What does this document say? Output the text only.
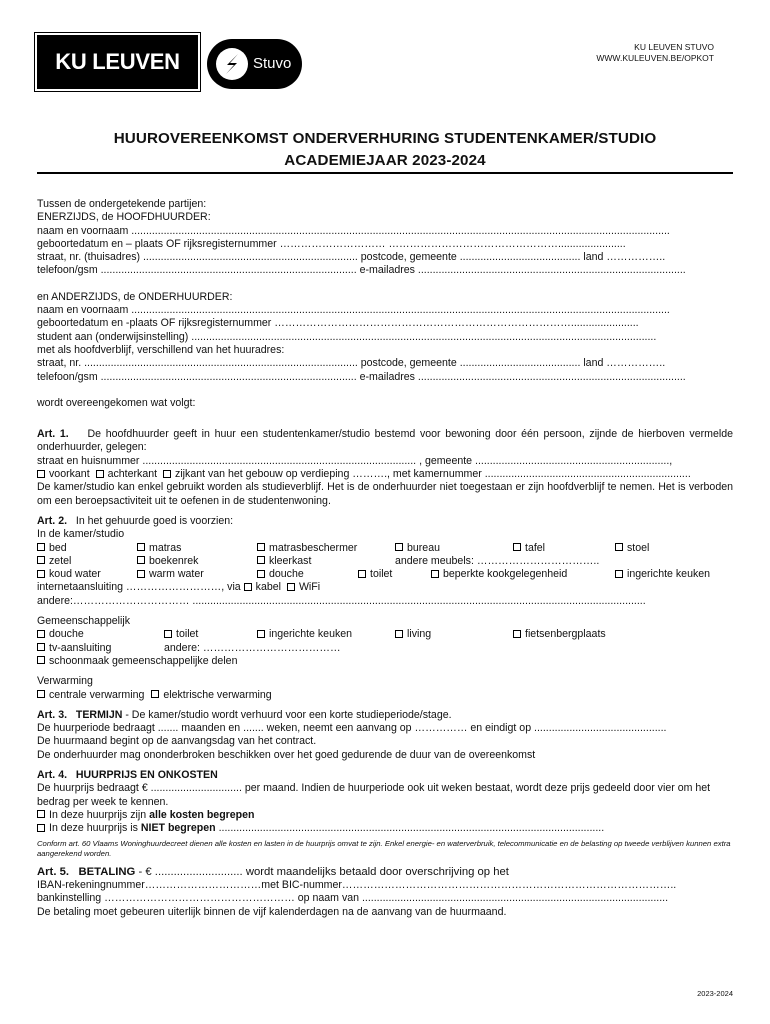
KU LEUVEN	Stuvo
KU LEUVEN STUVO
WWW.KULEUVEN.BE/OPKOT
HUUROVEREENKOMST ONDERVERHURING STUDENTENKAMER/STUDIO
ACADEMIEJAAR 2023-2024
Tussen de ondergetekende partijen:
ENERZIJDS, de HOOFDHUURDER:
naam en voornaam .......................................................................................................................................................................................
geboortedatum en – plaats OF rijksregisternummer ………………………… ………………………………………….......................
straat, nr. (thuisadres) ......................................................................... postcode, gemeente ......................................... land ……………..
telefoon/gsm ....................................................................................... e-mailadres ...........................................................................................
en ANDERZIJDS, de ONDERHUURDER:
naam en voornaam .......................................................................................................................................................................................
geboortedatum en -plaats OF rijksregisternummer ………………………………………………………………………….......................
student aan (onderwijsinstelling) ..............................................................................................................................................................
met als hoofdverblijf, verschillend van het huuradres:
straat, nr. ............................................................................................. postcode, gemeente ......................................... land ……………..
telefoon/gsm ....................................................................................... e-mailadres ...........................................................................................
wordt overeengekomen wat volgt:
Art. 1. De hoofdhuurder geeft in huur een studentenkamer/studio bestemd voor bewoning door één persoon, zijnde de hierboven vermelde onderhuurder, gelegen:
straat en huisnummer ............................................................................................. , gemeente ..................................................................,
voorkant achterkant zijkant van het gebouw op verdieping ………., met kamernummer ......................................................................
De kamer/studio kan enkel gebruikt worden als studieverblijf. Het is de onderhuurder niet toegestaan er zijn hoofdverblijf te nemen. Het is verboden om een beroepsactiviteit uit te oefenen in de studentenwoning.
Art. 2. In het gehuurde goed is voorzien:
In de kamer/studio
bed	matras	matrasbeschermer	bureau	tafel	stoel
zetel	boekenrek	kleerkast	andere meubels: ……………………………..
koud water	warm water	douche	toilet	beperkte kookgelegenheid	ingerichte keuken
internetaansluiting ………………………, via kabel WiFi
andere:…………………………… ..........................................................................................................................................................
Gemeenschappelijk
douche	toilet	ingerichte keuken	living	fietsenbergplaats
tv-aansluiting	andere: …………………………………
schoonmaak gemeenschappelijke delen
Verwarming
centrale verwarming elektrische verwarming
Art. 3. TERMIJN - De kamer/studio wordt verhuurd voor een korte studieperiode/stage.
De huurperiode bedraagt ....... maanden en ....... weken, neemt een aanvang op …………… en eindigt op .............................................
De huurmaand begint op de aanvangsdag van het contract.
De onderhuurder mag ononderbroken beschikken over het goed gedurende de duur van de overeenkomst
Art. 4. HUURPRIJS EN ONKOSTEN
De huurprijs bedraagt € ............................... per maand. Indien de huurperiode ook uit weken bestaat, wordt deze prijs gedeeld door vier om het bedrag per week te kennen.
In deze huurprijs zijn alle kosten begrepen
In deze huurprijs is NIET begrepen ...................................................................................................................................
Conform art. 60 Vlaams Woninghuurdecreet dienen alle kosten en lasten in de huurprijs omvat te zijn. Enkel energie- en waterverbruik, telecommunicatie en de belasting op tweede verblijven kunnen extra aangerekend worden.
Art. 5. BETALING - € ............................ wordt maandelijks betaald door overschrijving op het
IBAN-rekeningnummer……………………………met BIC-nummer…………………………………………………………………………………..
bankinstelling ……………………………………………… op naam van ........................................................................................................
De betaling moet gebeuren uiterlijk binnen de vijf kalenderdagen na de aanvang van de huurmaand.
2023-2024
